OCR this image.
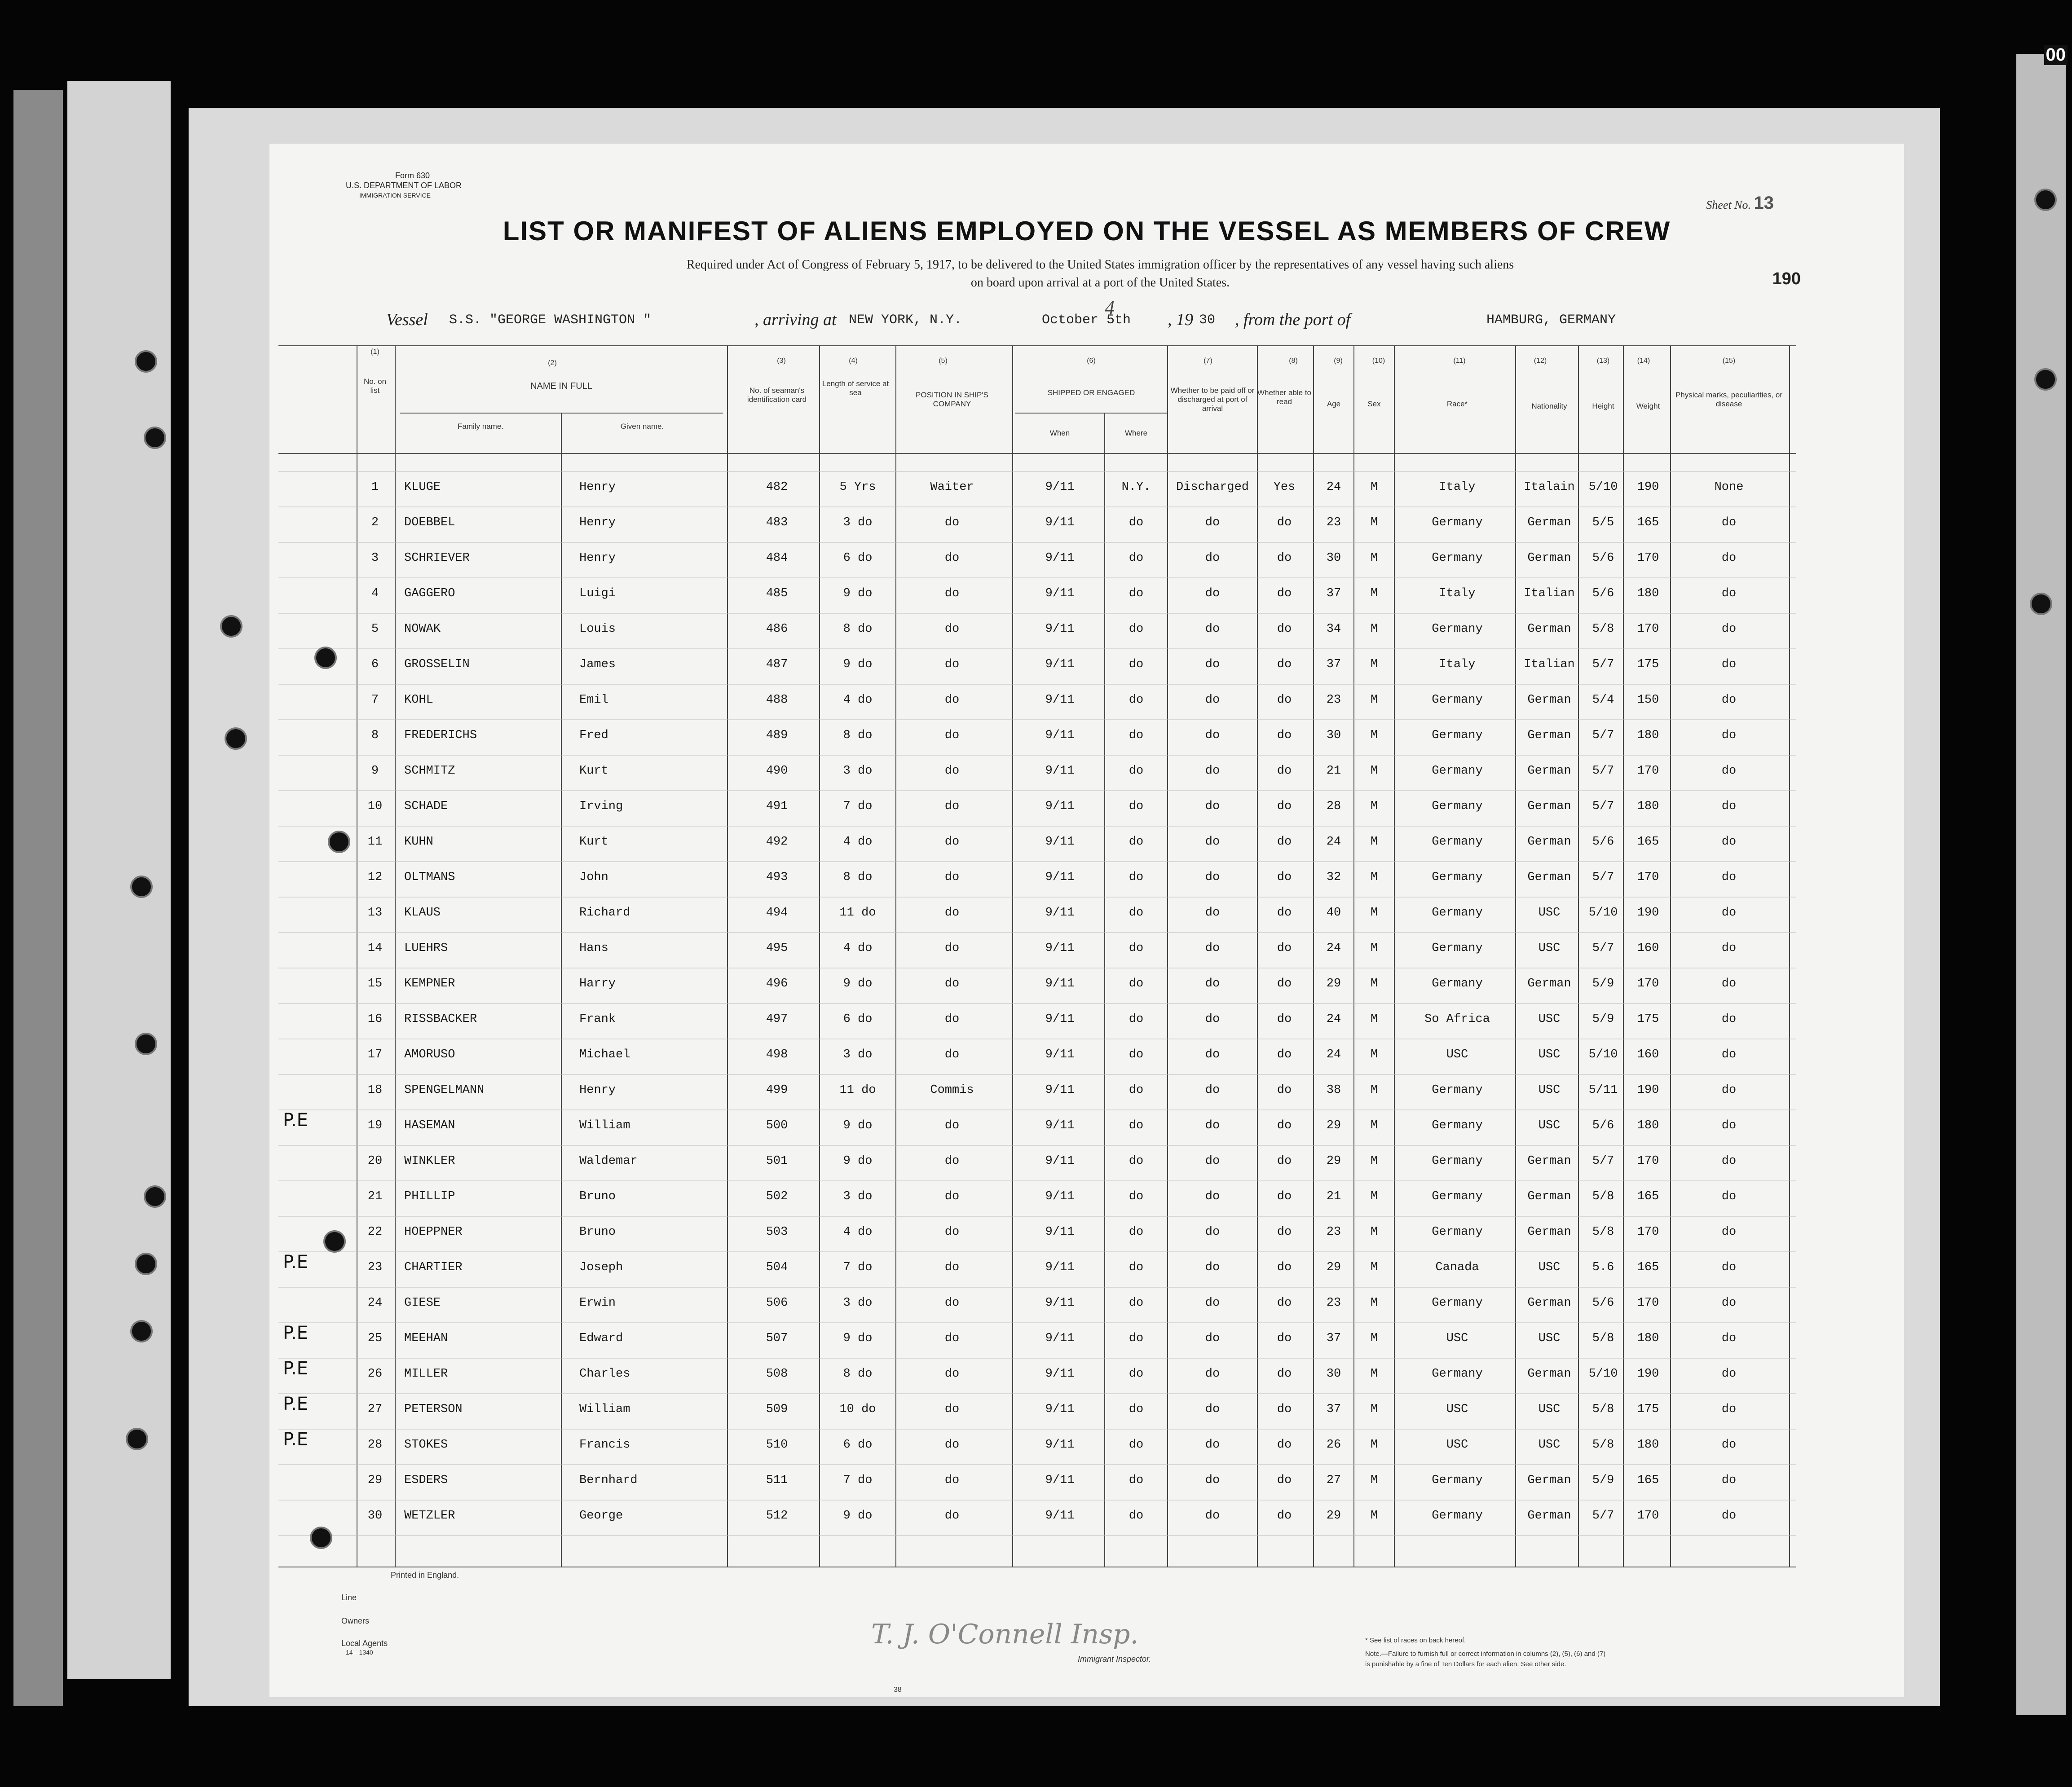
Form 630
U.S. DEPARTMENT OF LABOR
IMMIGRATION SERVICE
Sheet No. 13
190
LIST OR MANIFEST OF ALIENS EMPLOYED ON THE VESSEL AS MEMBERS OF CREW
Required under Act of Congress of February 5, 1917, to be delivered to the United States immigration officer by the representatives of any vessel having such aliens
on board upon arrival at a port of the United States.
Vessel S.S. "GEORGE WASHINGTON "	, arriving at NEW YORK, N.Y.	October 5th
4
, 19 30 , from the port of	HAMBURG, GERMANY
(1)
(2)	(3)	(4)	(5)	(6)	(7)	(8)	(9)	(10)	(11)	(12)	(13)	(14)	(15)
No. on list	NAME IN FULL
Family name.	Given name.
No. of seaman's identification card
Length of service at sea	POSITION IN SHIP'S COMPANY
SHIPPED OR ENGAGED
When	Where
Whether to be paid off or discharged at port of arrival
Whether able to read	Age	Sex	Race*	Nationality	Height	Weight
Physical marks, peculiarities, or disease
1	KLUGE	Henry	482	5 Yrs	Waiter	9/11	N.Y.	Discharged	Yes	24	M	Italy	Italain	5/10	190	None
2	DOEBBEL	Henry	483	3 do	do	9/11	do	do	do	23	M	Germany	German	5/5	165	do
3	SCHRIEVER	Henry	484	6 do	do	9/11	do	do	do	30	M	Germany	German	5/6	170	do
4	GAGGERO	Luigi	485	9 do	do	9/11	do	do	do	37	M	Italy	Italian	5/6	180	do
5	NOWAK	Louis	486	8 do	do	9/11	do	do	do	34	M	Germany	German	5/8	170	do
6	GROSSELIN	James	487	9 do	do	9/11	do	do	do	37	M	Italy	Italian	5/7	175	do
7	KOHL	Emil	488	4 do	do	9/11	do	do	do	23	M	Germany	German	5/4	150	do
8	FREDERICHS	Fred	489	8 do	do	9/11	do	do	do	30	M	Germany	German	5/7	180	do
9	SCHMITZ	Kurt	490	3 do	do	9/11	do	do	do	21	M	Germany	German	5/7	170	do
10	SCHADE	Irving	491	7 do	do	9/11	do	do	do	28	M	Germany	German	5/7	180	do
11	KUHN	Kurt	492	4 do	do	9/11	do	do	do	24	M	Germany	German	5/6	165	do
12	OLTMANS	John	493	8 do	do	9/11	do	do	do	32	M	Germany	German	5/7	170	do
13	KLAUS	Richard	494	11 do	do	9/11	do	do	do	40	M	Germany	USC	5/10	190	do
14	LUEHRS	Hans	495	4 do	do	9/11	do	do	do	24	M	Germany	USC	5/7	160	do
15	KEMPNER	Harry	496	9 do	do	9/11	do	do	do	29	M	Germany	German	5/9	170	do
16	RISSBACKER	Frank	497	6 do	do	9/11	do	do	do	24	M	So Africa	USC	5/9	175	do
17	AMORUSO	Michael	498	3 do	do	9/11	do	do	do	24	M	USC	USC	5/10	160	do
18	SPENGELMANN	Henry	499	11 do	Commis	9/11	do	do	do	38	M	Germany	USC	5/11	190	do
19	HASEMAN	William	500	9 do	do	9/11	do	do	do	29	M	Germany	USC	5/6	180	do
20	WINKLER	Waldemar	501	9 do	do	9/11	do	do	do	29	M	Germany	German	5/7	170	do
21	PHILLIP	Bruno	502	3 do	do	9/11	do	do	do	21	M	Germany	German	5/8	165	do
22	HOEPPNER	Bruno	503	4 do	do	9/11	do	do	do	23	M	Germany	German	5/8	170	do
23	CHARTIER	Joseph	504	7 do	do	9/11	do	do	do	29	M	Canada	USC	5.6	165	do
24	GIESE	Erwin	506	3 do	do	9/11	do	do	do	23	M	Germany	German	5/6	170	do
25	MEEHAN	Edward	507	9 do	do	9/11	do	do	do	37	M	USC	USC	5/8	180	do
26	MILLER	Charles	508	8 do	do	9/11	do	do	do	30	M	Germany	German	5/10	190	do
27	PETERSON	William	509	10 do	do	9/11	do	do	do	37	M	USC	USC	5/8	175	do
28	STOKES	Francis	510	6 do	do	9/11	do	do	do	26	M	USC	USC	5/8	180	do
29	ESDERS	Bernhard	511	7 do	do	9/11	do	do	do	27	M	Germany	German	5/9	165	do
30	WETZLER	George	512	9 do	do	9/11	do	do	do	29	M	Germany	German	5/7	170	do
Printed in England.
Line
Owners
Local Agents
14—1340
T. J. O'Connell Insp.
Immigrant Inspector.
* See list of races on back hereof.
Note.—Failure to furnish full or correct information in columns (2), (5), (6) and (7)
is punishable by a fine of Ten Dollars for each alien. See other side.
38
00
P.E
P.E
P.E
P.E
P.E
P.E
